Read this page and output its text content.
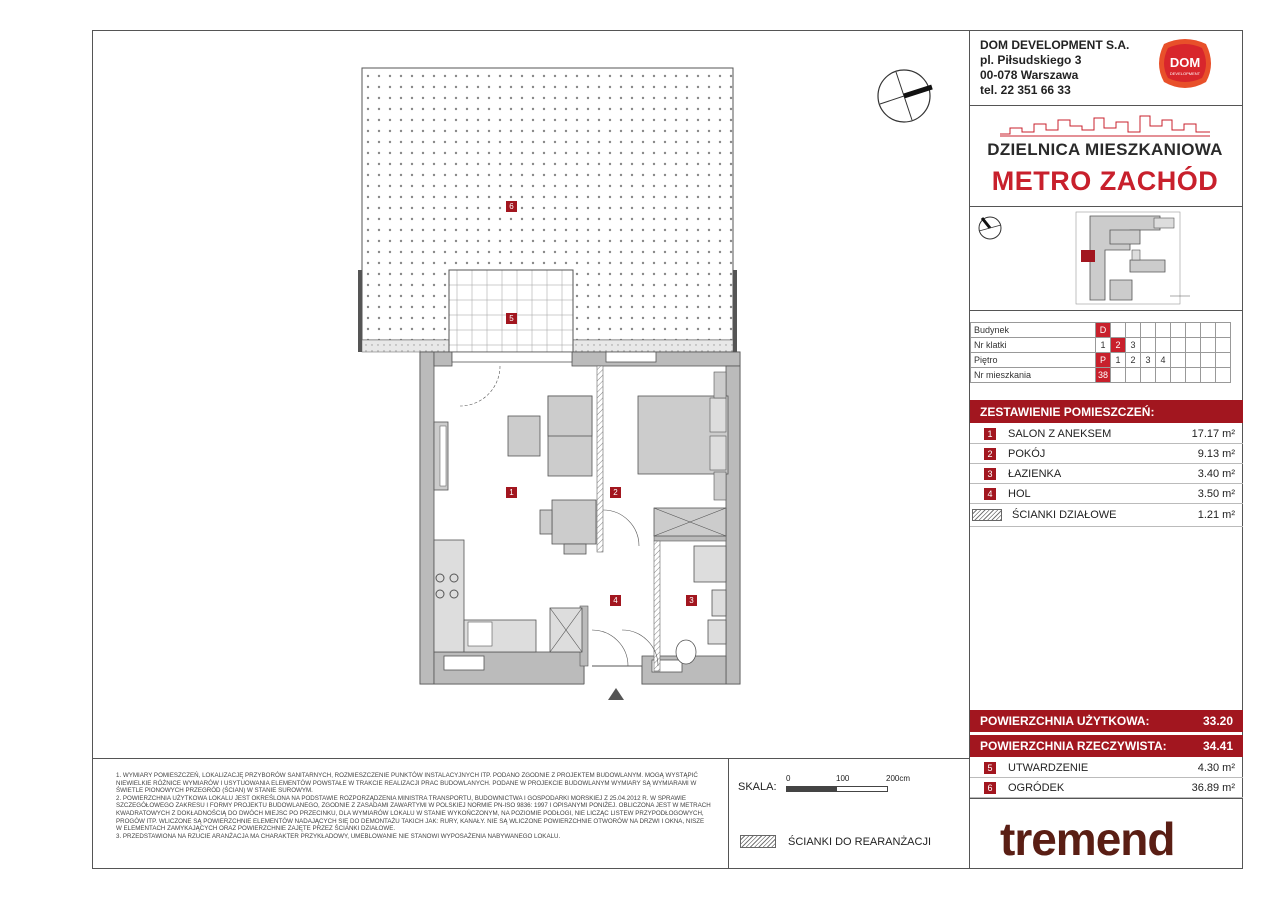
DOM DEVELOPMENT S.A.
pl. Piłsudskiego 3
00-078 Warszawa
tel. 22 351 66 33
DOM
DEVELOPMENT
DZIELNICA MIESZKANIOWA
METRO ZACHÓD
Budynek	D								
Nr klatki	1	2	3						
Piętro	P	1	2	3	4				
Nr mieszkania	38								
ZESTAWIENIE POMIESZCZEŃ:
1	SALON Z ANEKSEM	17.17 m²
2	POKÓJ	9.13 m²
3	ŁAZIENKA	3.40 m²
4	HOL	3.50 m²
ŚCIANKI DZIAŁOWE	1.21 m²
POWIERZCHNIA UŻYTKOWA:	33.20
POWIERZCHNIA RZECZYWISTA:	34.41
5	UTWARDZENIE	4.30 m²
6	OGRÓDEK	36.89 m²
tremend
1. WYMIARY POMIESZCZEŃ, LOKALIZACJĘ PRZYBORÓW SANITARNYCH, ROZMIESZCZENIE PUNKTÓW INSTALACYJNYCH ITP. PODANO ZGODNIE Z PROJEKTEM BUDOWLANYM. MOGĄ WYSTĄPIĆ NIEWIELKIE RÓŻNICE WYMIARÓW I USYTUOWANIA ELEMENTÓW POWSTAŁE W TRAKCIE REALIZACJI PRAC BUDOWLANYCH. PODANE W PROJEKCIE BUDOWLANYM WYMIARY SĄ WYMIARAMI W ŚWIETLE PIONOWYCH PRZEGRÓD (ŚCIAN) W STANIE SUROWYM.
2. POWIERZCHNIA UŻYTKOWA LOKALU JEST OKREŚLONA NA PODSTAWIE ROZPORZĄDZENIA MINISTRA TRANSPORTU, BUDOWNICTWA I GOSPODARKI MORSKIEJ Z 25.04.2012 R. W SPRAWIE SZCZEGÓŁOWEGO ZAKRESU I FORMY PROJEKTU BUDOWLANEGO, ZGODNIE Z ZASADAMI ZAWARTYMI W POLSKIEJ NORMIE PN-ISO 9836: 1997 I OPISANYMI PONIŻEJ. OBLICZONA JEST W METRACH KWADRATOWYCH Z DOKŁADNOŚCIĄ DO DWÓCH MIEJSC PO PRZECINKU, DLA WYMIARÓW LOKALU W STANIE WYKOŃCZONYM, NA POZIOMIE PODŁOGI, NIE LICZĄC LISTEW PRZYPODŁOGOWYCH, PROGÓW ITP. WLICZONE SĄ POWIERZCHNIE ELEMENTÓW NADAJĄCYCH SIĘ DO DEMONTAŻU TAKICH JAK: RURY, KANAŁY. NIE SĄ WLICZONE POWIERZCHNIE OTWORÓW NA DRZWI I OKNA, NISZE W ELEMENTACH ZAMYKAJĄCYCH ORAZ POWIERZCHNIE ZAJĘTE PRZEZ ŚCIANKI DZIAŁOWE.
3. PRZEDSTAWIONA NA RZUCIE ARANŻACJA MA CHARAKTER PRZYKŁADOWY, UMEBLOWANIE NIE STANOWI WYPOSAŻENIA NABYWANEGO LOKALU.
SKALA:
0	100	200cm
ŚCIANKI DO REARANŻACJI
6
5
1	2
3
4
